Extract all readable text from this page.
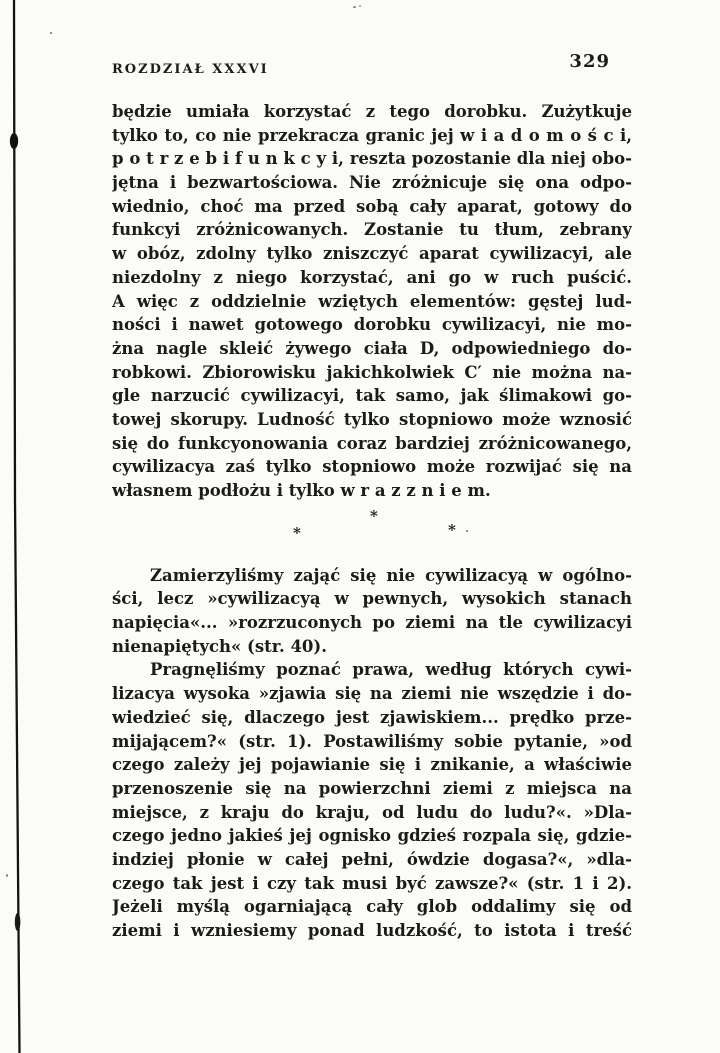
ROZDZIAŁ XXXVI	329
będzie umiała korzystać z tego dorobku. Zużytkuje
tylko to, co nie przekracza granic jej w i a d o m o ś c i,
p o t r z e b i f u n k c y i, reszta pozostanie dla niej obo-
jętna i bezwartościowa. Nie zróżnicuje się ona odpo-
wiednio, choć ma przed sobą cały aparat, gotowy do
funkcyi zróżnicowanych. Zostanie tu tłum, zebrany
w obóz, zdolny tylko zniszczyć aparat cywilizacyi, ale
niezdolny z niego korzystać, ani go w ruch puścić.
A więc z oddzielnie wziętych elementów: gęstej lud-
ności i nawet gotowego dorobku cywilizacyi, nie mo-
żna nagle skleić żywego ciała D, odpowiedniego do-
robkowi. Zbiorowisku jakichkolwiek C′ nie można na-
gle narzucić cywilizacyi, tak samo, jak ślimakowi go-
towej skorupy. Ludność tylko stopniowo może wznosić
się do funkcyonowania coraz bardziej zróżnicowanego,
cywilizacya zaś tylko stopniowo może rozwijać się na
własnem podłożu i tylko w r a z z n i e m.
*
*	*
Zamierzyliśmy zająć się nie cywilizacyą w ogólno-
ści, lecz »cywilizacyą w pewnych, wysokich stanach
napięcia«... »rozrzuconych po ziemi na tle cywilizacyi
nienapiętych« (str. 40).
Pragnęliśmy poznać prawa, według których cywi-
lizacya wysoka »zjawia się na ziemi nie wszędzie i do-
wiedzieć się, dlaczego jest zjawiskiem... prędko prze-
mijającem?« (str. 1). Postawiliśmy sobie pytanie, »od
czego zależy jej pojawianie się i znikanie, a właściwie
przenoszenie się na powierzchni ziemi z miejsca na
miejsce, z kraju do kraju, od ludu do ludu?«. »Dla-
czego jedno jakieś jej ognisko gdzieś rozpala się, gdzie-
indziej płonie w całej pełni, ówdzie dogasa?«, »dla-
czego tak jest i czy tak musi być zawsze?« (str. 1 i 2).
Jeżeli myślą ogarniającą cały glob oddalimy się od
ziemi i wzniesiemy ponad ludzkość, to istota i treść
